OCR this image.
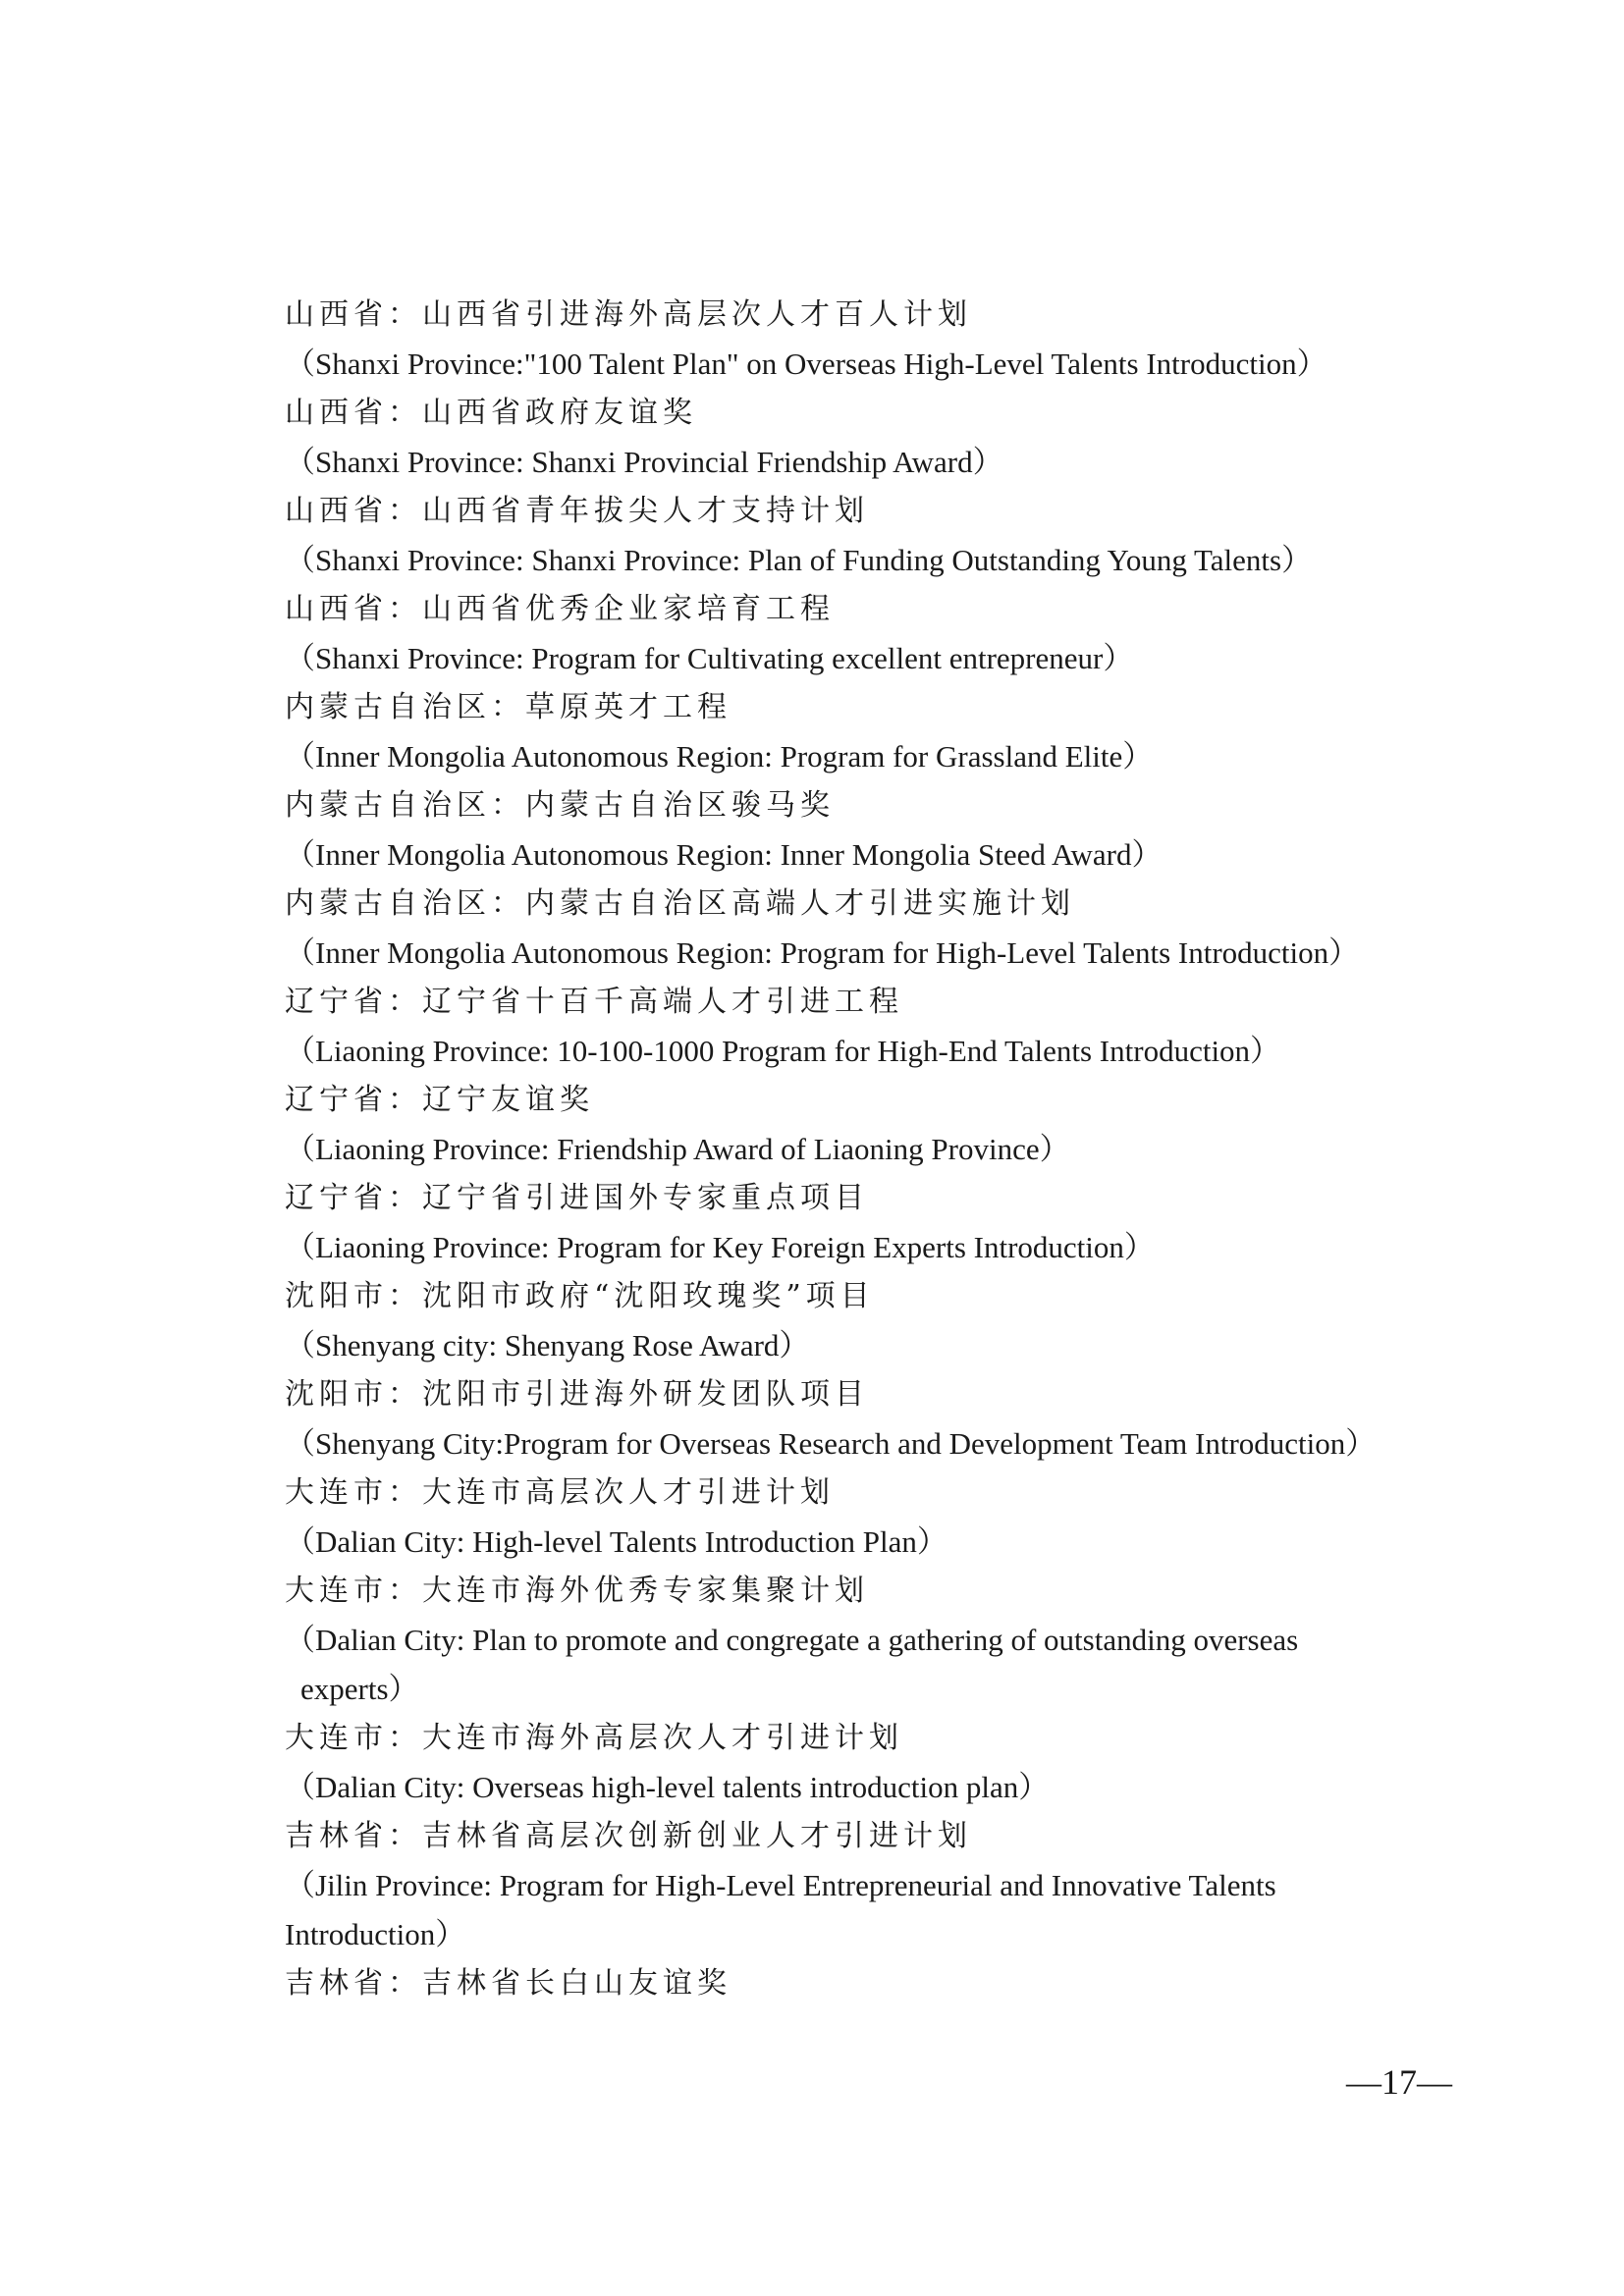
山西省：山西省引进海外高层次人才百人计划
（Shanxi Province:"100 Talent Plan" on Overseas High-Level Talents Introduction）
山西省：山西省政府友谊奖
（Shanxi Province: Shanxi Provincial Friendship Award）
山西省：山西省青年拔尖人才支持计划
（Shanxi Province: Shanxi Province: Plan of Funding Outstanding Young Talents）
山西省：山西省优秀企业家培育工程
（Shanxi Province: Program for Cultivating excellent entrepreneur）
内蒙古自治区：草原英才工程
（Inner Mongolia Autonomous Region: Program for Grassland Elite）
内蒙古自治区：内蒙古自治区骏马奖
（Inner Mongolia Autonomous Region: Inner Mongolia Steed Award）
内蒙古自治区：内蒙古自治区高端人才引进实施计划
（Inner Mongolia Autonomous Region: Program for High-Level Talents Introduction）
辽宁省：辽宁省十百千高端人才引进工程
（Liaoning Province: 10-100-1000 Program for High-End Talents Introduction）
辽宁省：辽宁友谊奖
（Liaoning Province: Friendship Award of Liaoning Province）
辽宁省：辽宁省引进国外专家重点项目
（Liaoning Province: Program for Key Foreign Experts Introduction）
沈阳市：沈阳市政府“沈阳玫瑰奖”项目
（Shenyang city: Shenyang Rose Award）
沈阳市：沈阳市引进海外研发团队项目
（Shenyang City:Program for Overseas Research and Development Team Introduction）
大连市：大连市高层次人才引进计划
（Dalian City: High-level Talents Introduction Plan）
大连市：大连市海外优秀专家集聚计划
（Dalian City: Plan to promote and congregate a gathering of outstanding overseas
experts）
大连市：大连市海外高层次人才引进计划
（Dalian City: Overseas high-level talents introduction plan）
吉林省：吉林省高层次创新创业人才引进计划
（Jilin Province: Program for High-Level Entrepreneurial and Innovative Talents
Introduction）
吉林省：吉林省长白山友谊奖
—17—
